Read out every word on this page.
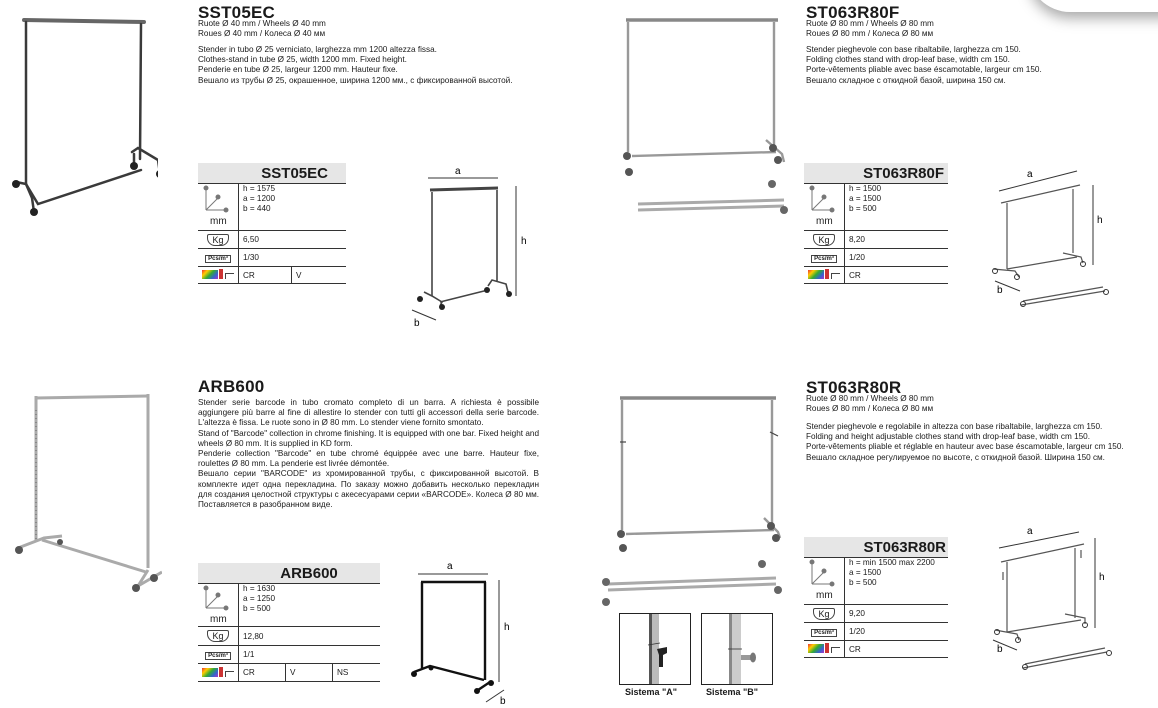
SST05EC
Ruote Ø 40 mm / Wheels Ø 40 mm
Roues Ø 40 mm / Колеса Ø 40 мм
Stender in tubo Ø 25 verniciato, larghezza mm 1200 altezza fissa.
Clothes-stand in tube Ø 25, width 1200 mm. Fixed height.
Penderie en tube Ø 25, largeur 1200 mm. Hauteur fixe.
Вешало из трубы Ø 25, окрашенное, ширина 1200 мм., с фиксированной высотой.
SST05EC		

mm	h = 1575
a = 1200
b = 440	

Kg	6,50	
Pcs/m³	1/30	
	CR	V
a
h
b
ST063R80F
Ruote Ø 80 mm / Wheels Ø 80 mm
Roues Ø 80 mm / Колеса Ø 80 мм
Stender pieghevole con base ribaltabile, larghezza cm 150.
Folding clothes stand with drop-leaf base, width cm 150.
Porte-vêtements pliable avec base éscamotable, largeur cm 150.
Вешало складное с откидной базой, ширина 150 см.
ST063R80F	

mm	h = 1500
a = 1500
b = 500

Kg	8,20
Pcs/m³	1/20
	CR
a
h
b
ARB600
Stender serie barcode in tubo cromato completo di un barra. A richiesta è possibile aggiungere più barre al fine di allestire lo stender con tutti gli accessori della serie barcode. L'altezza è fissa. Le ruote sono in Ø 80 mm. Lo stender viene fornito smontato.
Stand of "Barcode" collection in chrome finishing. It is equipped with one bar. Fixed height and wheels Ø 80 mm. It is supplied in KD form.
Penderie collection "Barcode" en tube chromé équippée avec une barre. Hauteur fixe, roulettes Ø 80 mm. La penderie est livrée démontée.
Вешало серии "BARCODE" из хромированной трубы, с фиксированной высотой. В комплекте идет одна перекладина. По заказу можно добавить несколько перекладин для создания целостной структуры с акесесуарами серии «BARCODE». Колеса Ø 80 мм. Поставляется в разобранном виде.
ARB600			

mm	h = 1630
a = 1250
b = 500		

Kg	12,80		
Pcs/m³	1/1		
	CR	V	NS
a
h
b
ST063R80R
Ruote Ø 80 mm / Wheels Ø 80 mm
Roues Ø 80 mm / Колеса Ø 80 мм
Stender pieghevole e regolabile in altezza con base ribaltabile, larghezza cm 150.
Folding and height adjustable clothes stand with drop-leaf base, width cm 150.
Porte-vêtements pliable et réglable en hauteur avec base éscamotable, largeur cm 150.
Вешало складное регулируемое по высоте, с откидной базой. Ширина 150 см.
ST063R80R	

mm	h = min 1500 max 2200
a = 1500
b = 500

Kg	9,20
Pcs/m³	1/20
	CR
a
h
b
Sistema "A"	Sistema "B"
